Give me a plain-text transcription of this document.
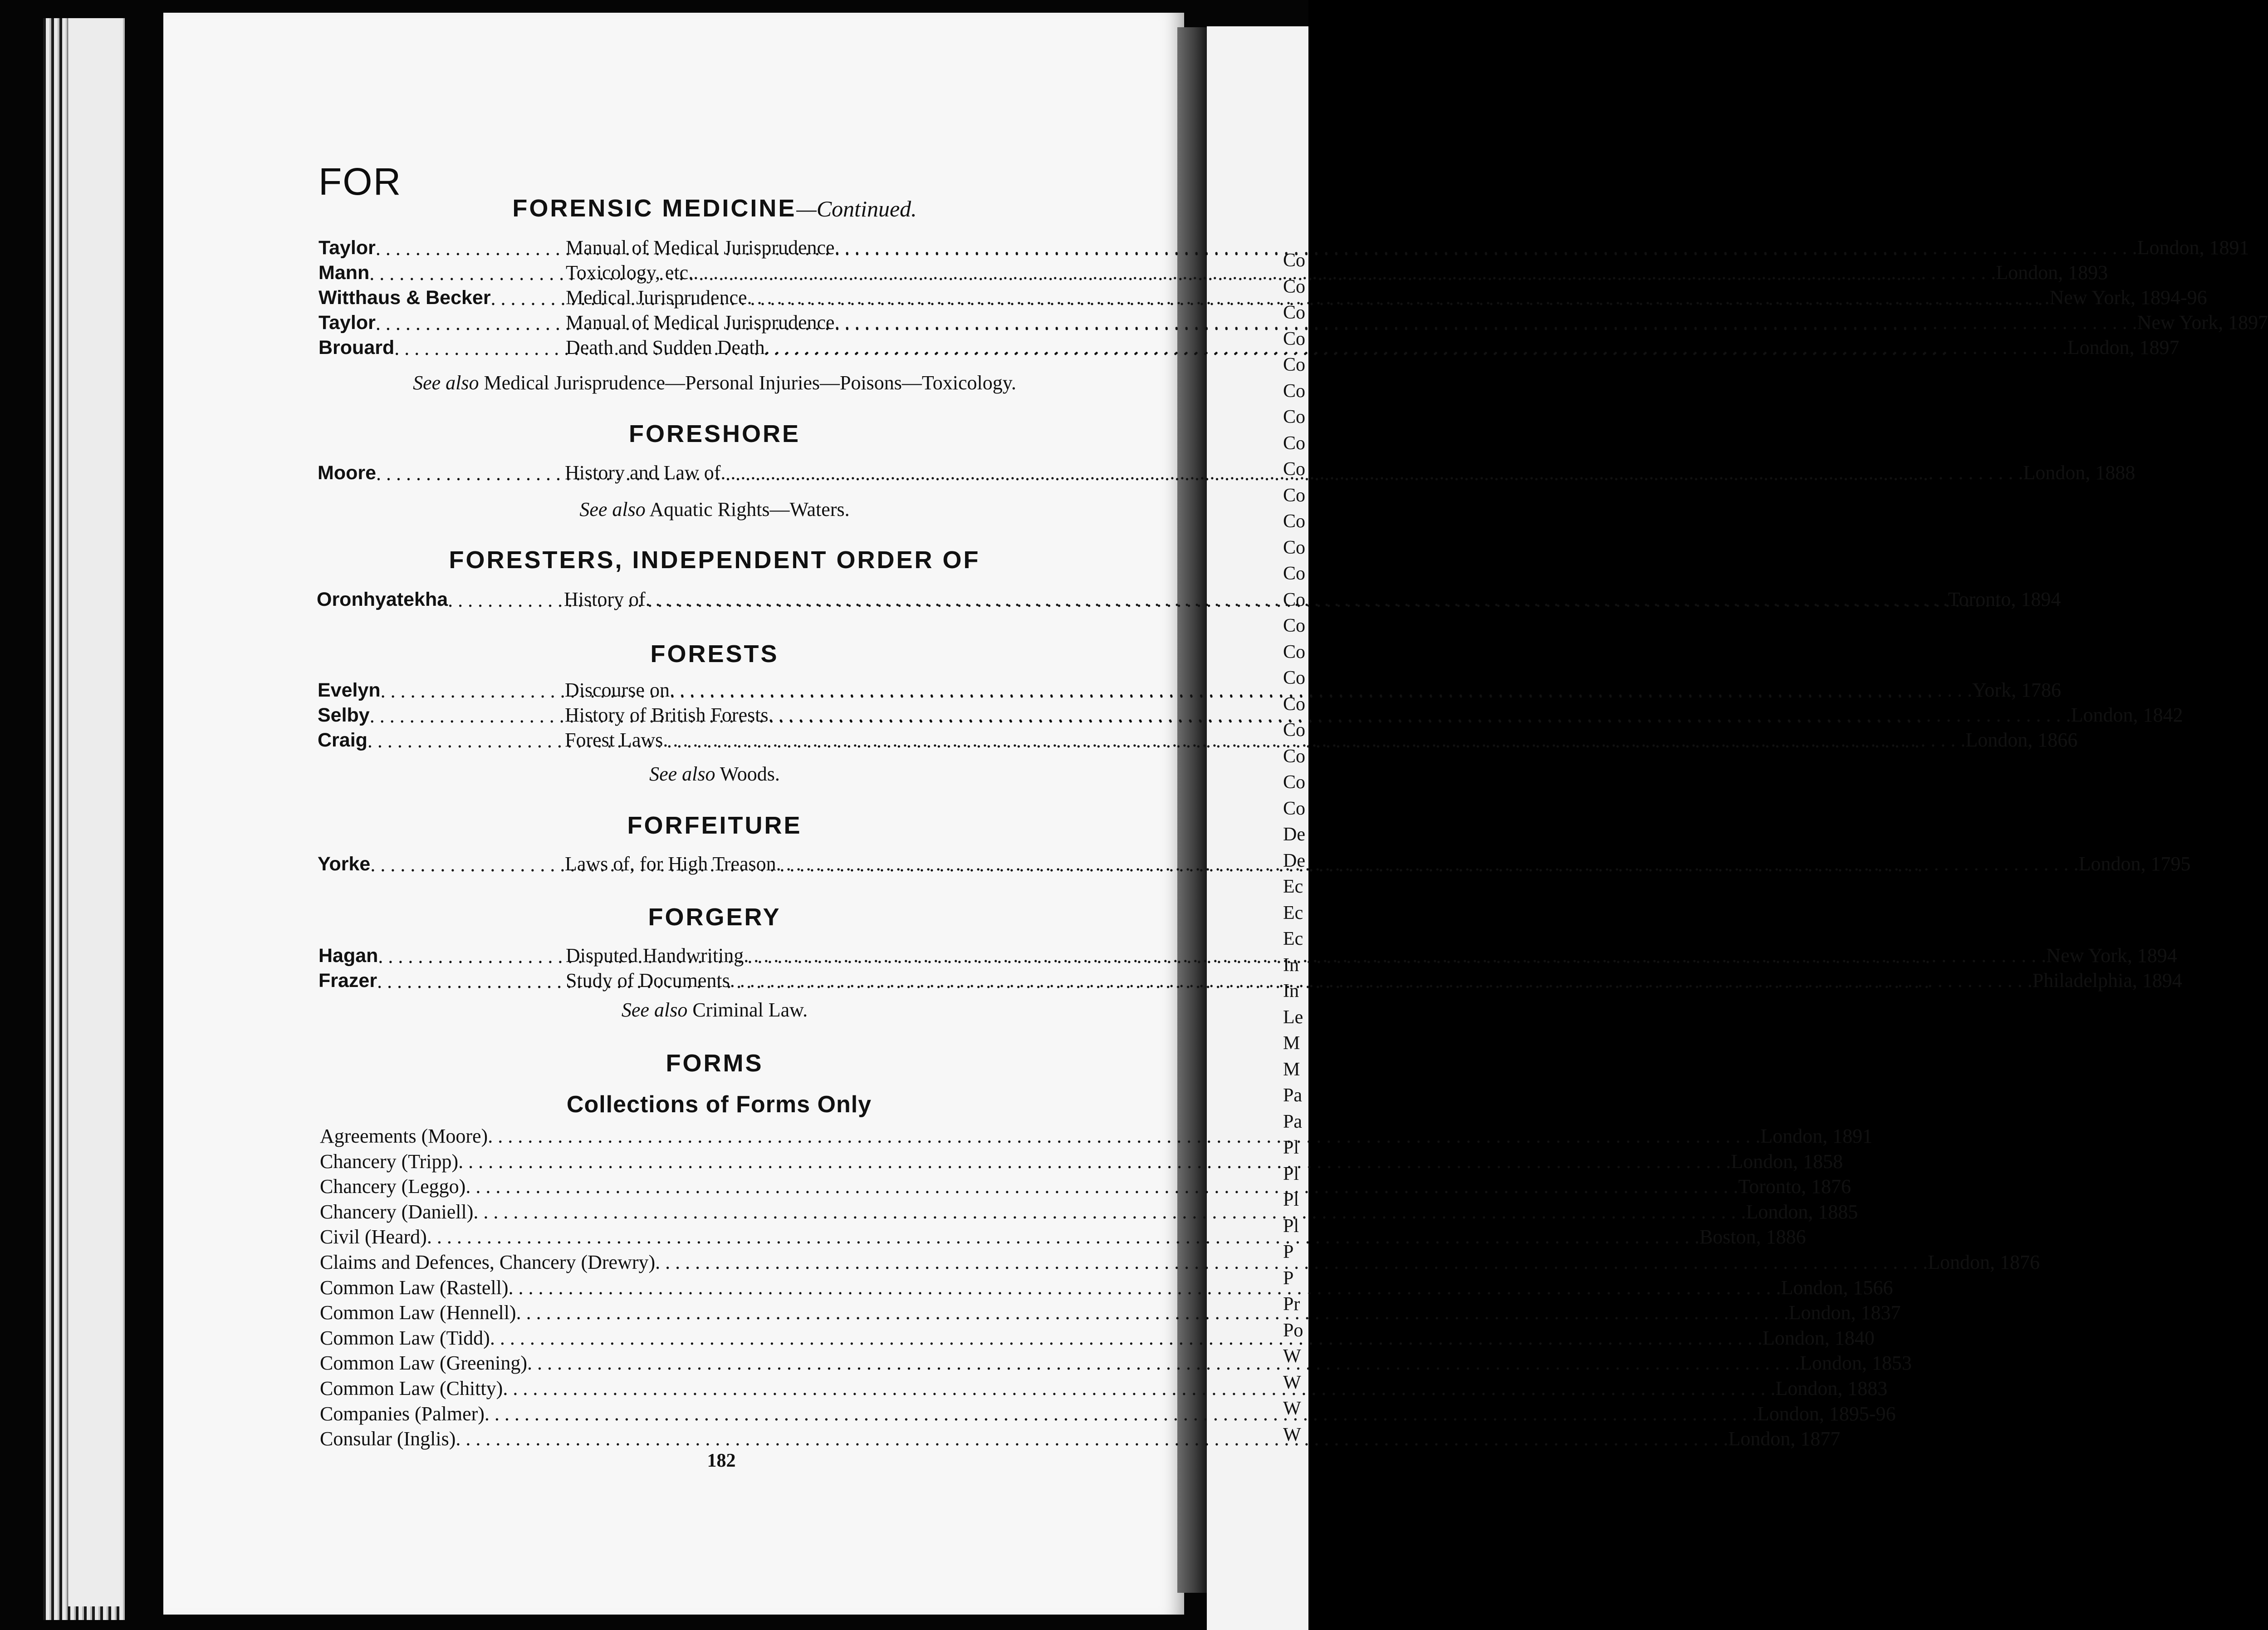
Co
Co
Co
Co
Co
Co
Co
Co
Co
Co
Co
Co
Co
Co
Co
Co
Co
Co
Co
Co
Co
Co
De
De
Ec
Ec
Ec
In
In
Le
M
M
Pa
Pa
Pl
Pl
Pl
Pl
P
P
Pr
Po
W
W
W
W
FOR
FORENSIC MEDICINE—Continued.
Taylor . . .	Manual of Medical Jurisprudence . . .	London, 1891
Mann . . .	Toxicology, etc. . . .	London, 1893
Witthaus & Becker . . .	Medical Jurisprudence . . .	New York, 1894-96
Taylor . . .	Manual of Medical Jurisprudence . . .	New York, 1897
Brouard . . .	Death and Sudden Death . . .	London, 1897
See also Medical Jurisprudence—Personal Injuries—Poisons—Toxicology.
FORESHORE
Moore . . .	History and Law of . . .	London, 1888
See also Aquatic Rights—Waters.
FORESTERS, INDEPENDENT ORDER OF
Oronhyatekha . . .	History of . . .	Toronto, 1894
FORESTS
Evelyn . . .	Discourse on . . .	York, 1786
Selby . . .	History of British Forests . . .	London, 1842
Craig . . .	Forest Laws . . .	London, 1866
See also Woods.
FORFEITURE
Yorke . . .	Laws of, for High Treason . . .	London, 1795
FORGERY
Hagan . . .	Disputed Handwriting . . .	New York, 1894
Frazer . . .	Study of Documents . . .	Philadelphia, 1894
See also Criminal Law.
FORMS
Collections of Forms Only
Agreements (Moore) . . .	London, 1891
Chancery (Tripp) . . .	London, 1858
Chancery (Leggo) . . .	Toronto, 1876
Chancery (Daniell) . . .	London, 1885
Civil (Heard) . . .	Boston, 1886
Claims and Defences, Chancery (Drewry) . . .	London, 1876
Common Law (Rastell) . . .	London, 1566
Common Law (Hennell) . . .	London, 1837
Common Law (Tidd) . . .	London, 1840
Common Law (Greening) . . .	London, 1853
Common Law (Chitty) . . .	London, 1883
Companies (Palmer) . . .	London, 1895-96
Consular (Inglis) . . .	London, 1877
182
